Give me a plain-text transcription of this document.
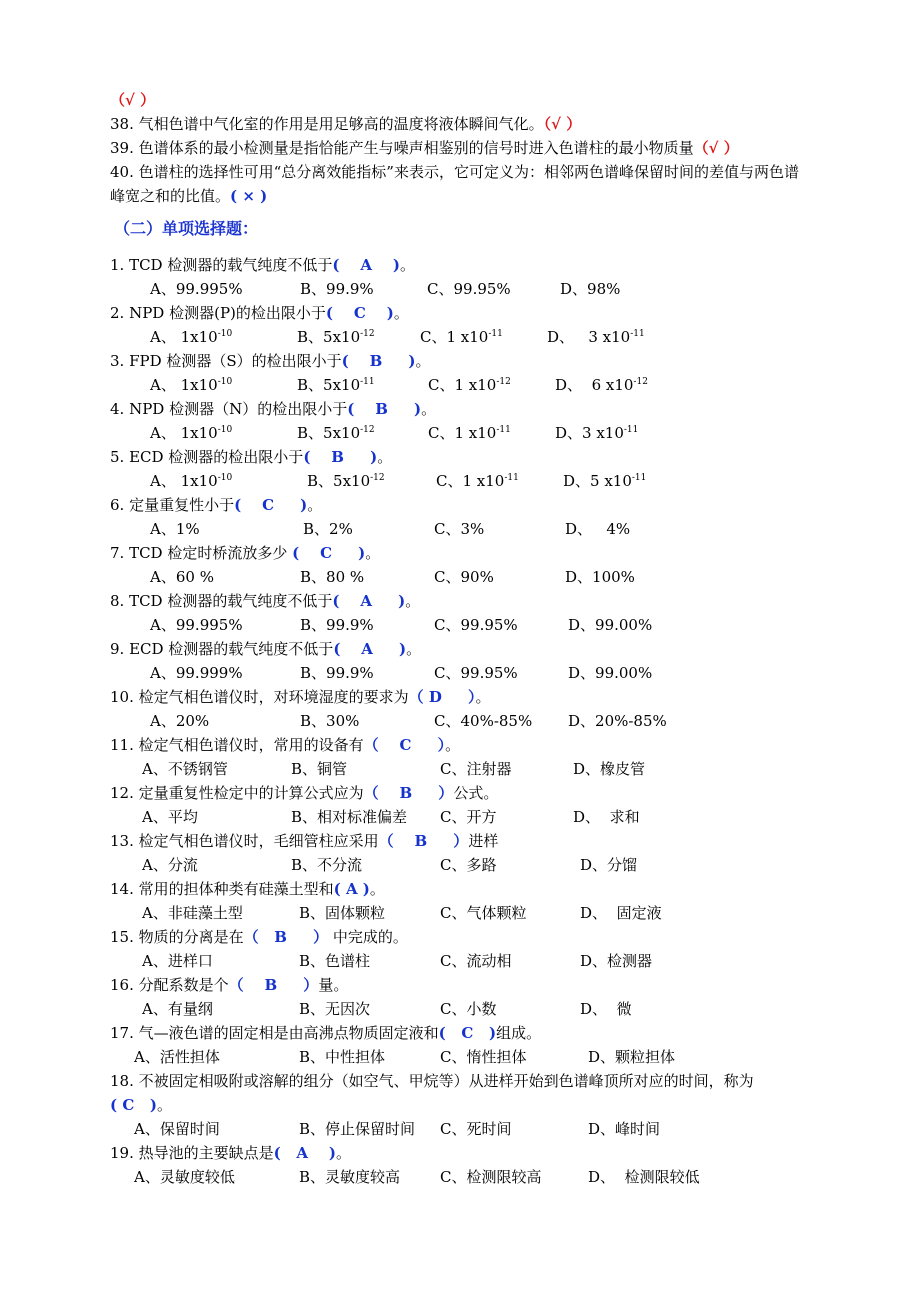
（√ ）
38. 气相色谱中气化室的作用是用足够高的温度将液体瞬间气化。（√ ）
39. 色谱体系的最小检测量是指恰能产生与噪声相鉴别的信号时进入色谱柱的最小物质量（√ ）
40. 色谱柱的选择性可用“总分离效能指标”来表示，它可定义为：相邻两色谱峰保留时间的差值与两色谱峰宽之和的比值。( × )
（二）单项选择题：
1. TCD 检测器的载气纯度不低于(    A    )。
A、99.995%	B、99.9%	C、99.95%	D、98%
2. NPD 检测器(P)的检出限小于(    C    )。
A、 $1x10^{-10}$	B、$5x10^{-12}$	C、1 $x10^{-11}$	D、   3 $x10^{-11}$
3. FPD 检测器（S）的检出限小于(    B     )。
A、 $1x10^{-10}$	B、$5x10^{-11}$	C、1 $x10^{-12}$	D、  6 $x10^{-12}$
4. NPD 检测器（N）的检出限小于(    B     )。
A、 $1x10^{-10}$	B、$5x10^{-12}$	C、1 $x10^{-11}$	D、3 $x10^{-11}$
5. ECD 检测器的检出限小于(    B     )。
A、 $1x10^{-10}$	B、$5x10^{-12}$	C、1 $x10^{-11}$	D、5 $x10^{-11}$
6. 定量重复性小于(    C     )。
A、1%	B、2%	C、3%	D、   4%
7. TCD 检定时桥流放多少 (    C     )。
A、60 %	B、80 %	C、90%	D、100%
8. TCD 检测器的载气纯度不低于(    A     )。
A、99.995%	B、99.9%	C、99.95%	D、99.00%
9. ECD 检测器的载气纯度不低于(    A     )。
A、99.999%	B、99.9%	C、99.95%	D、99.00%
10. 检定气相色谱仪时，对环境湿度的要求为（ D     ）。
A、20%	B、30%	C、40%-85% D、20%-85%
11. 检定气相色谱仪时，常用的设备有（    C     ）。
A、不锈钢管	B、铜管	C、注射器	D、橡皮管
12. 定量重复性检定中的计算公式应为（    B     ）公式。
A、平均	B、相对标准偏差 C、开方	D、  求和
13. 检定气相色谱仪时，毛细管柱应采用（    B     ）进样
A、分流	B、不分流	C、多路	D、分馏
14. 常用的担体种类有硅藻土型和( A )。
A、非硅藻土型	B、固体颗粒	C、气体颗粒	D、  固定液
15. 物质的分离是在（   B     ） 中完成的。
A、进样口	B、色谱柱	C、流动相	D、检测器
16. 分配系数是个（    B     ）量。
A、有量纲	B、无因次	C、小数	D、  微
17. 气—液色谱的固定相是由高沸点物质固定液和(   C   )组成。
A、活性担体	B、中性担体	C、惰性担体	D、颗粒担体
18. 不被固定相吸附或溶解的组分（如空气、甲烷等）从进样开始到色谱峰顶所对应的时间，称为( C   )。
A、保留时间	B、停止保留时间 C、死时间	D、峰时间
19. 热导池的主要缺点是(   A    )。
A、灵敏度较低	B、灵敏度较高	C、检测限较高	D、  检测限较低
